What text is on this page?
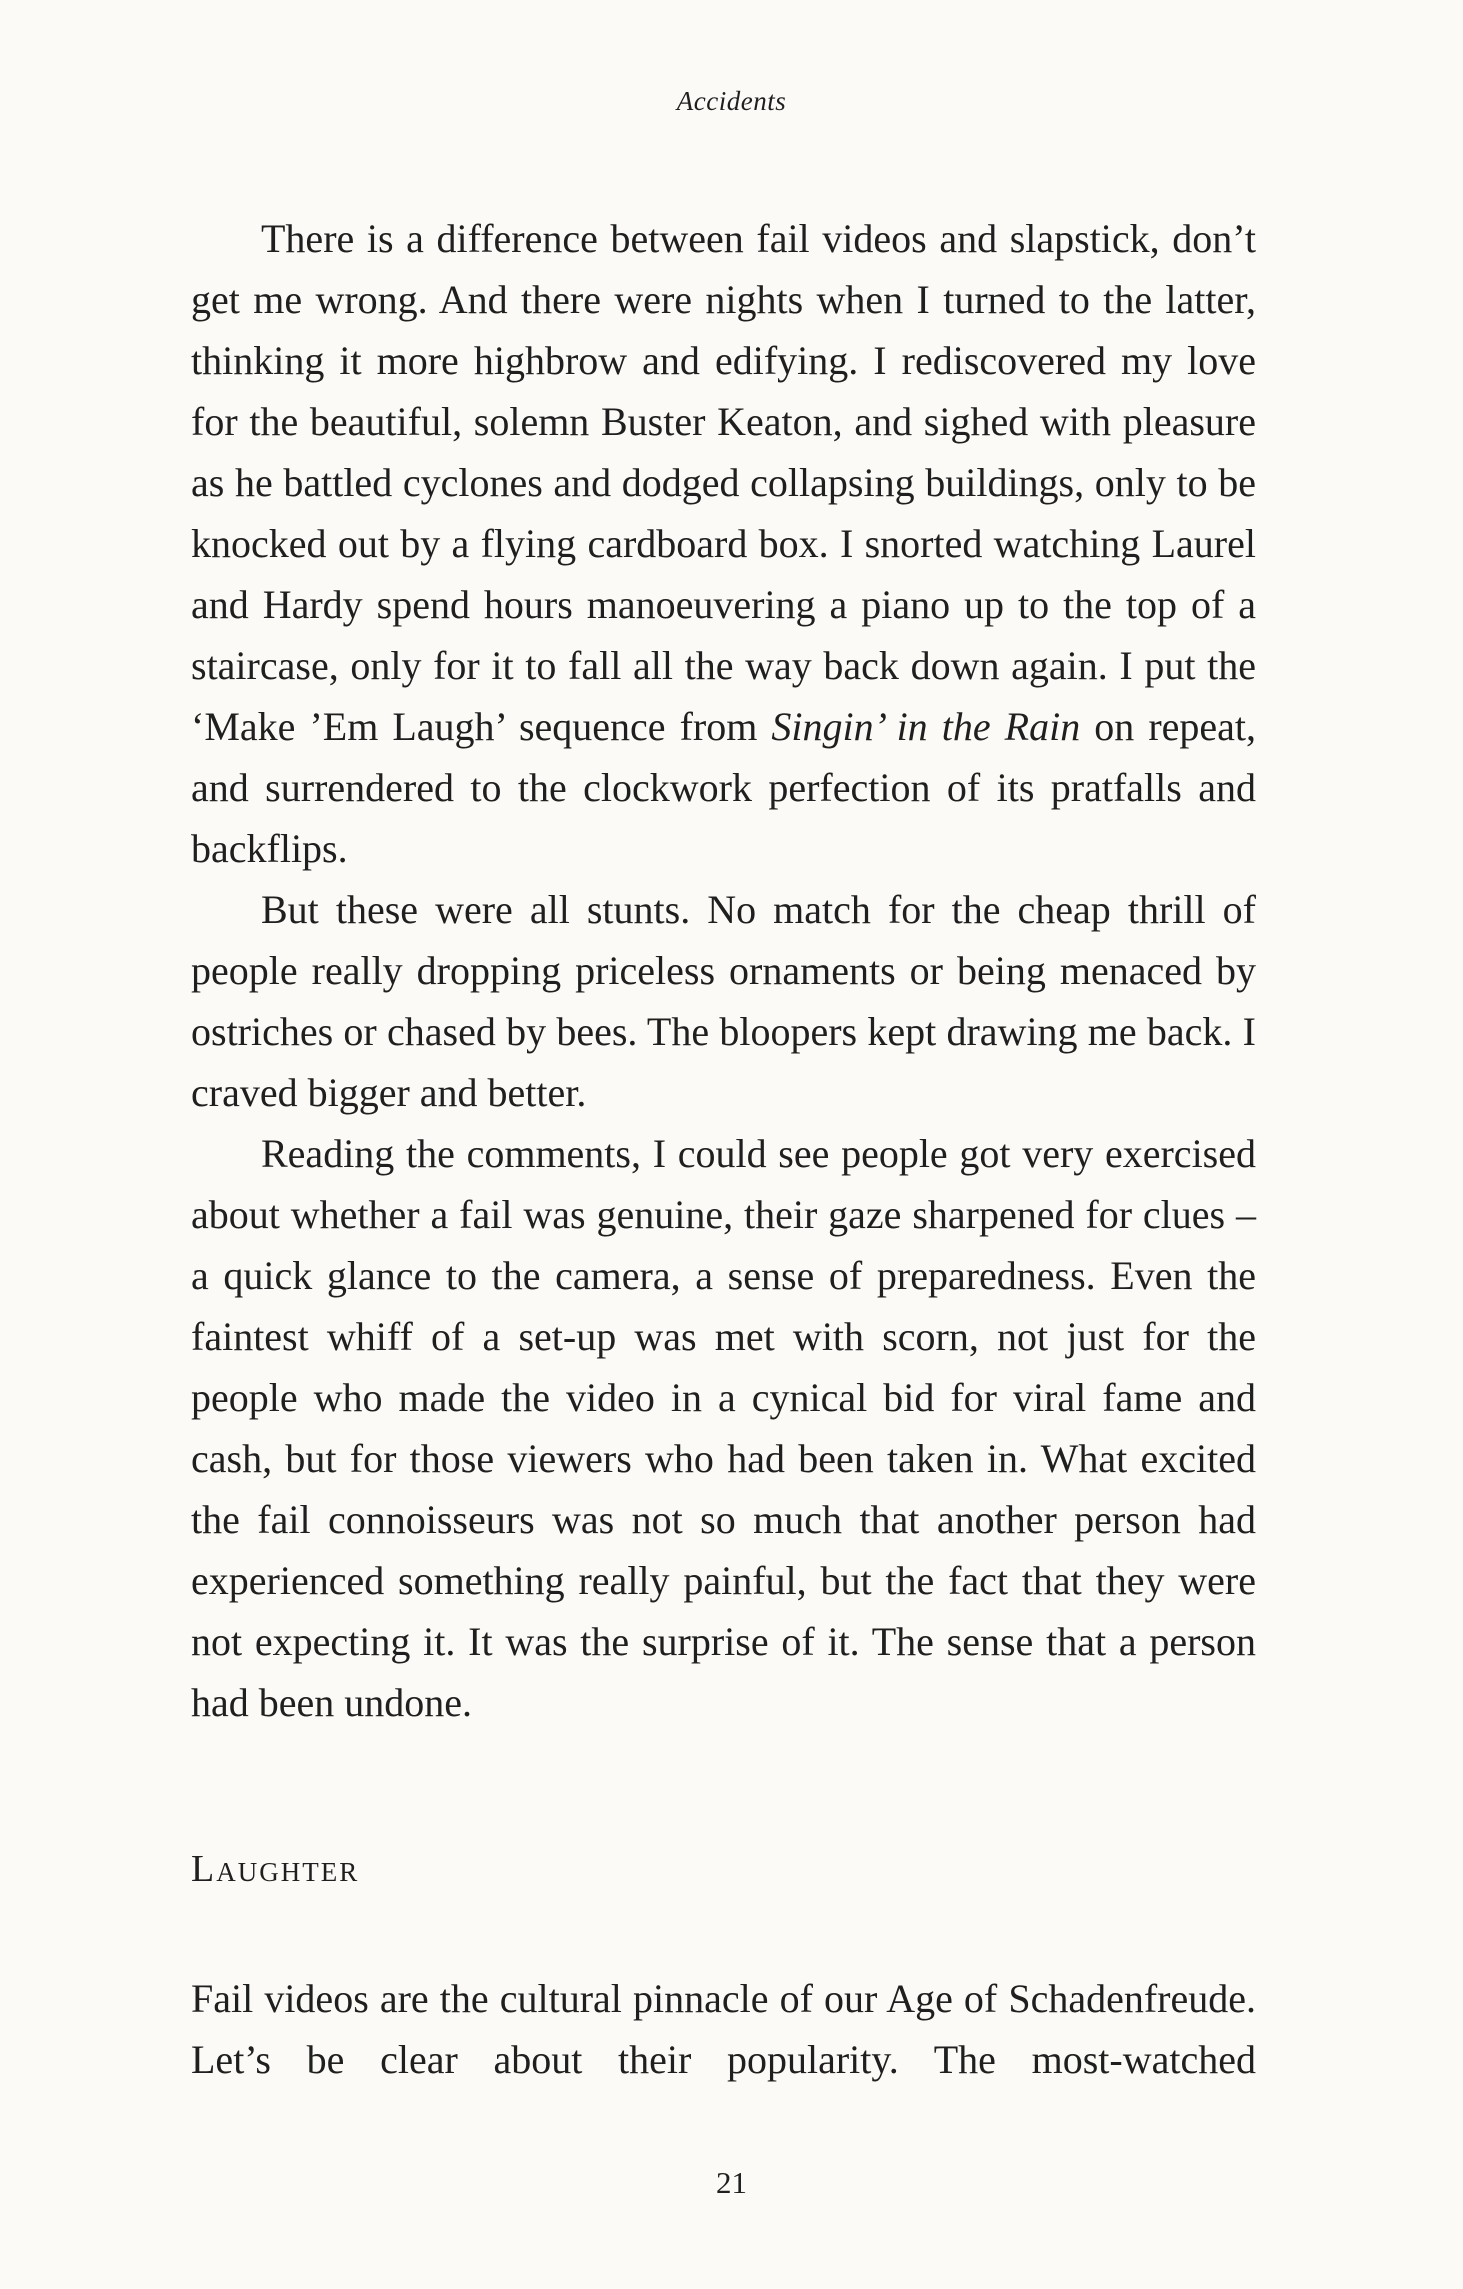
Accidents

There is a difference between fail videos and slapstick, don’t get me wrong. And there were nights when I turned to the latter, thinking it more highbrow and edifying. I rediscovered my love for the beautiful, solemn Buster Keaton, and sighed with pleasure as he battled cyclones and dodged collapsing buildings, only to be knocked out by a flying cardboard box. I snorted watching Laurel and Hardy spend hours manoeuvering a piano up to the top of a staircase, only for it to fall all the way back down again. I put the ‘Make ’Em Laugh’ sequence from Singin’ in the Rain on repeat, and surrendered to the clockwork perfection of its pratfalls and backflips.

But these were all stunts. No match for the cheap thrill of people really dropping priceless ornaments or being menaced by ostriches or chased by bees. The bloopers kept drawing me back. I craved bigger and better.

Reading the comments, I could see people got very exercised about whether a fail was genuine, their gaze sharpened for clues – a quick glance to the camera, a sense of preparedness. Even the faintest whiff of a set-up was met with scorn, not just for the people who made the video in a cynical bid for viral fame and cash, but for those viewers who had been taken in. What excited the fail connoisseurs was not so much that another person had experienced something really painful, but the fact that they were not expecting it. It was the surprise of it. The sense that a person had been undone.

Laughter

Fail videos are the cultural pinnacle of our Age of Schadenfreude. Let’s be clear about their popularity. The most-watched

21
